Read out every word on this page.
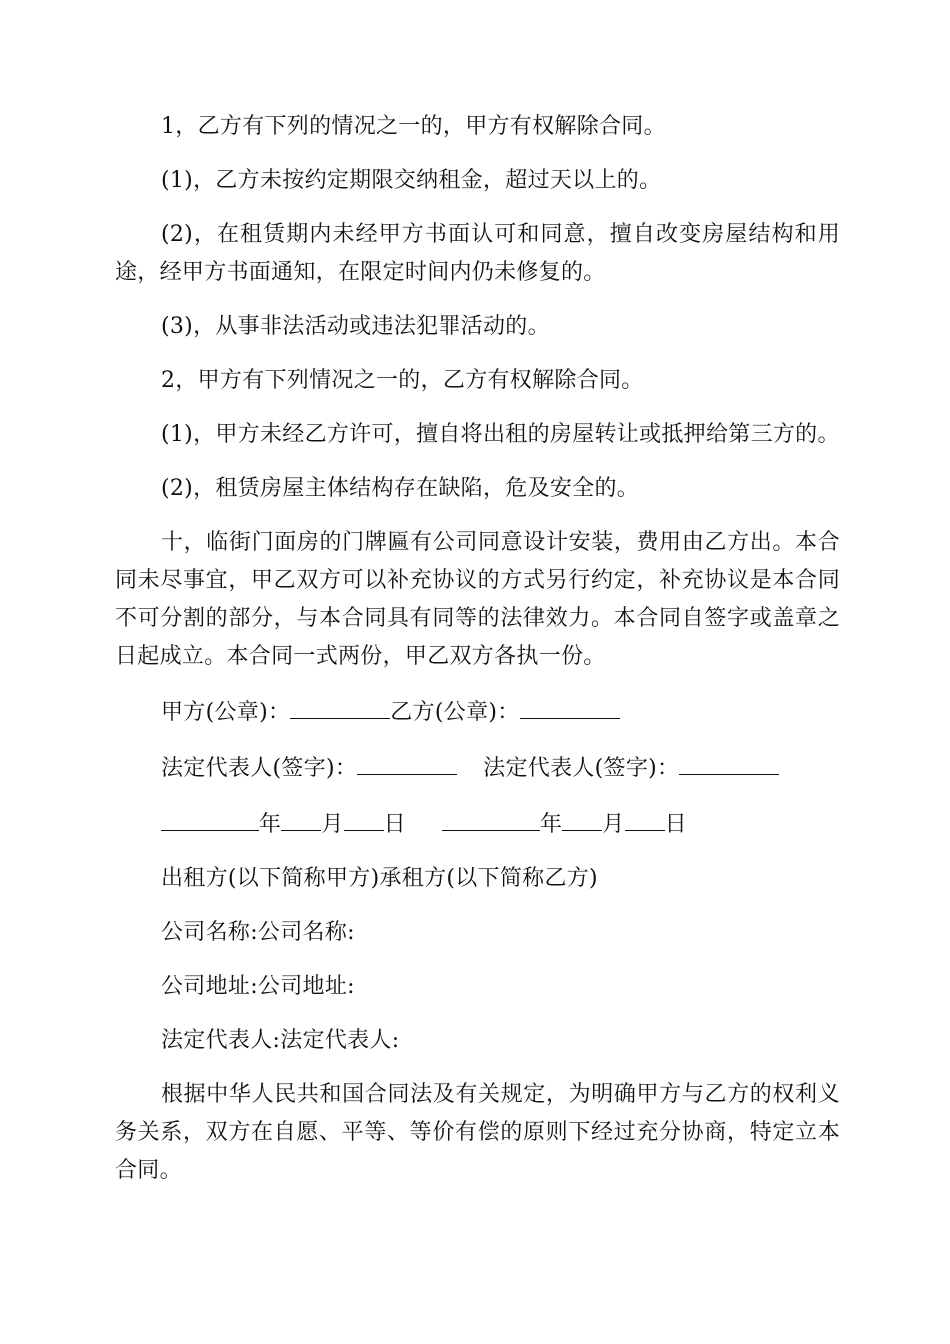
1，乙方有下列的情况之一的，甲方有权解除合同。

(1)，乙方未按约定期限交纳租金，超过天以上的。

(2)，在租赁期内未经甲方书面认可和同意，擅自改变房屋结构和用途，经甲方书面通知，在限定时间内仍未修复的。

(3)，从事非法活动或违法犯罪活动的。

2，甲方有下列情况之一的，乙方有权解除合同。

(1)，甲方未经乙方许可，擅自将出租的房屋转让或抵押给第三方的。

(2)，租赁房屋主体结构存在缺陷，危及安全的。

十，临街门面房的门牌匾有公司同意设计安装，费用由乙方出。本合同未尽事宜，甲乙双方可以补充协议的方式另行约定，补充协议是本合同不可分割的部分，与本合同具有同等的法律效力。本合同自签字或盖章之日起成立。本合同一式两份，甲乙双方各执一份。

甲方(公章)：	乙方(公章)：
法定代表人(签字)：	法定代表人(签字)：
年 月 日	年 月 日

出租方(以下简称甲方)承租方(以下简称乙方)

公司名称:公司名称:

公司地址:公司地址:

法定代表人:法定代表人:

根据中华人民共和国合同法及有关规定，为明确甲方与乙方的权利义务关系，双方在自愿、平等、等价有偿的原则下经过充分协商，特定立本合同。
